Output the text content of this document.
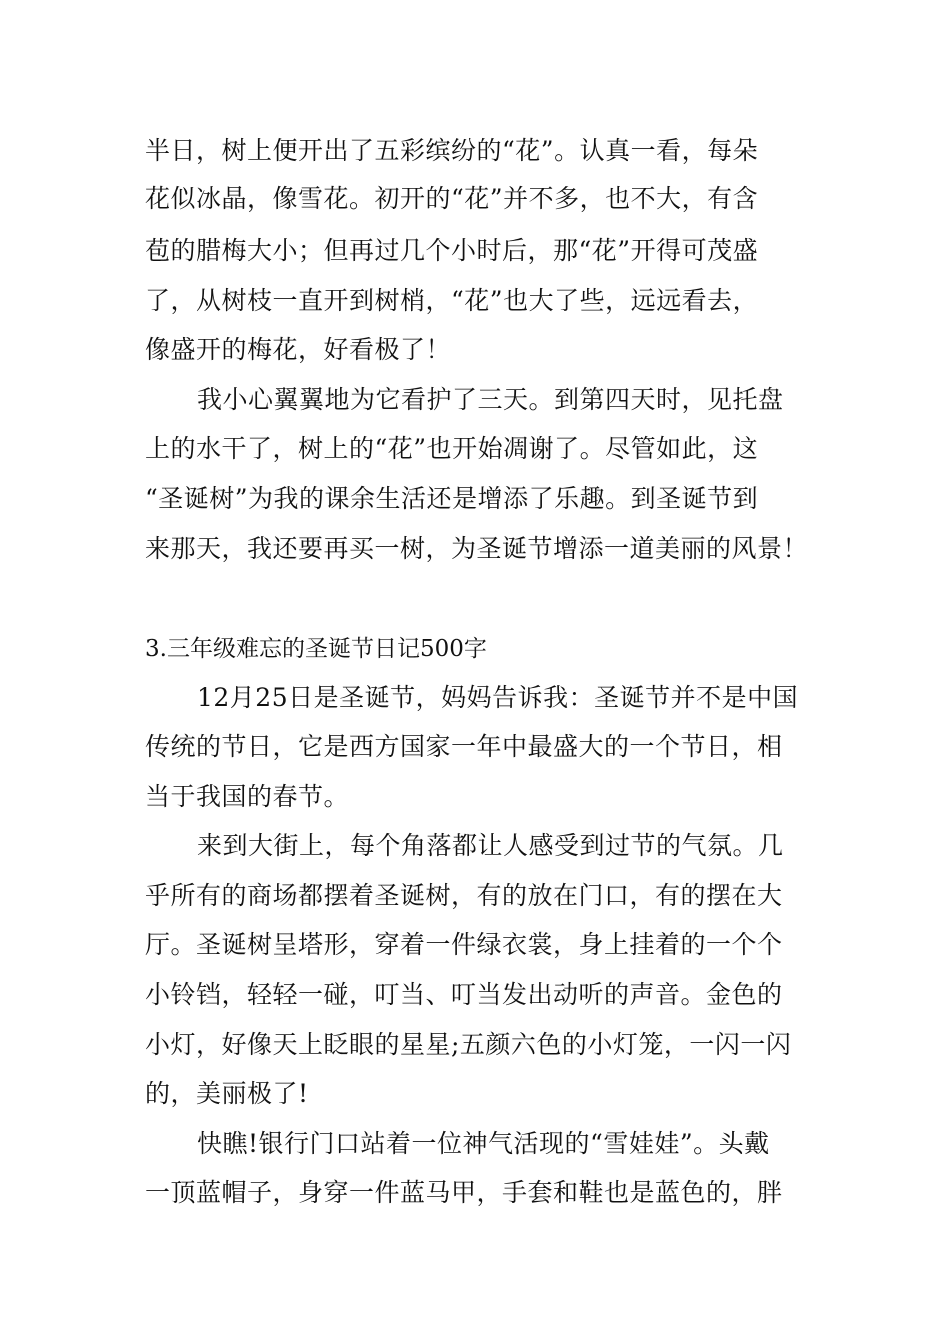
半日，树上便开出了五彩缤纷的“花”。认真一看，每朵
花似冰晶，像雪花。初开的“花”并不多，也不大，有含
苞的腊梅大小；但再过几个小时后，那“花”开得可茂盛
了，从树枝一直开到树梢，“花”也大了些，远远看去，
像盛开的梅花，好看极了！
我小心翼翼地为它看护了三天。到第四天时，见托盘
上的水干了，树上的“花”也开始凋谢了。尽管如此，这
“圣诞树”为我的课余生活还是增添了乐趣。到圣诞节到
来那天，我还要再买一树，为圣诞节增添一道美丽的风景！
3.三年级难忘的圣诞节日记500字
12月25日是圣诞节，妈妈告诉我：圣诞节并不是中国
传统的节日，它是西方国家一年中最盛大的一个节日，相
当于我国的春节。
来到大街上，每个角落都让人感受到过节的气氛。几
乎所有的商场都摆着圣诞树，有的放在门口，有的摆在大
厅。圣诞树呈塔形，穿着一件绿衣裳，身上挂着的一个个
小铃铛，轻轻一碰，叮当、叮当发出动听的声音。金色的
小灯，好像天上眨眼的星星;五颜六色的小灯笼，一闪一闪
的，美丽极了!
快瞧!银行门口站着一位神气活现的“雪娃娃”。头戴
一顶蓝帽子，身穿一件蓝马甲，手套和鞋也是蓝色的，胖
